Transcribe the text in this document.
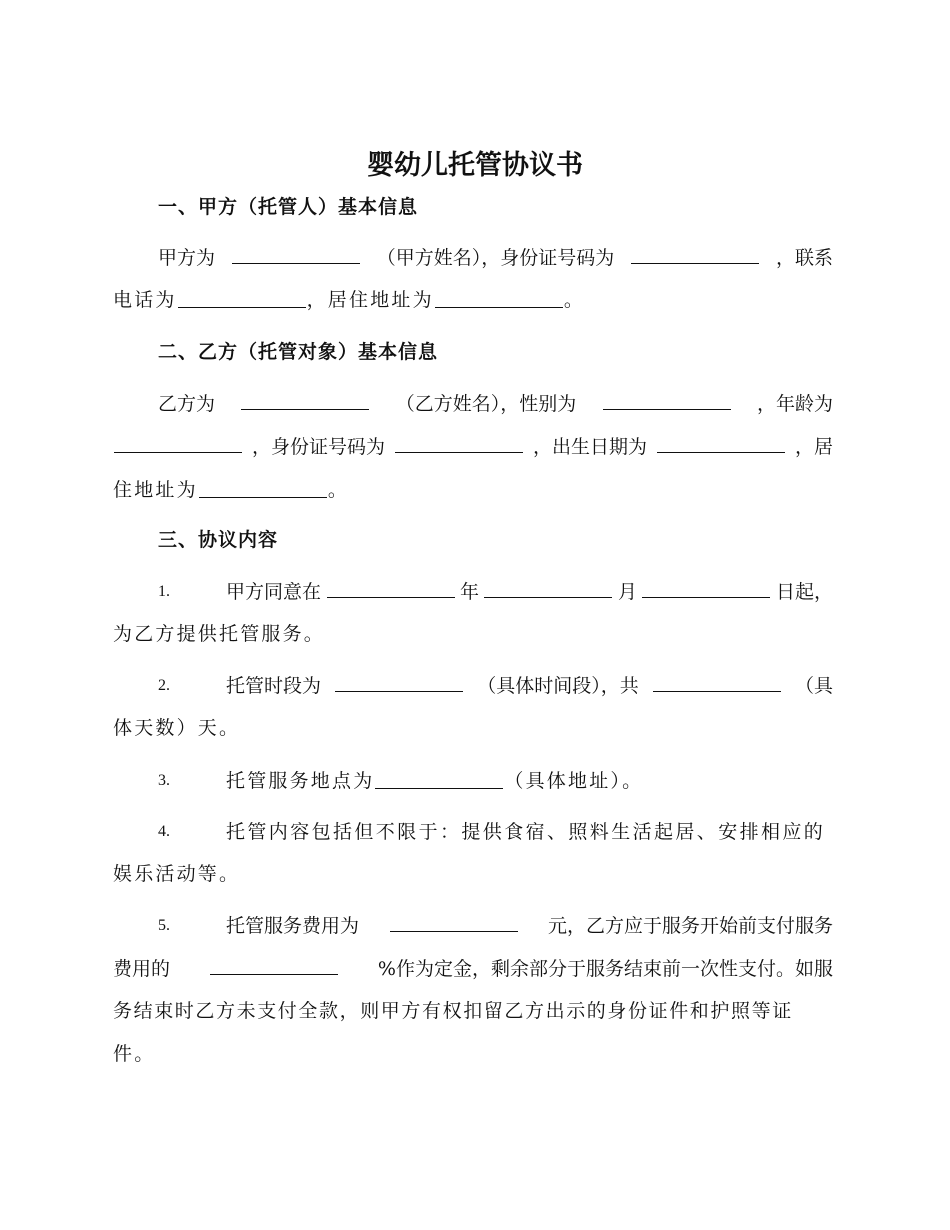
婴幼儿托管协议书
一、甲方（托管人）基本信息
甲方为	（甲方姓名），身份证号码为	，联系
电话为	，居住地址为	。
二、乙方（托管对象）基本信息
乙方为	（乙方姓名），性别为	，年龄为
，身份证号码为	，出生日期为	，居
住地址为	。
三、协议内容
1.	甲方同意在	年	月	日起，
为乙方提供托管服务。
2.	托管时段为	（具体时间段），共	（具
体天数）天。
3.	托管服务地点为	（具体地址）。
4.	托管内容包括但不限于：提供食宿、照料生活起居、安排相应的
娱乐活动等。
5.	托管服务费用为	元，乙方应于服务开始前支付服务
费用的	%作为定金，剩余部分于服务结束前一次性支付。如服
务结束时乙方未支付全款，则甲方有权扣留乙方出示的身份证件和护照等证
件。
